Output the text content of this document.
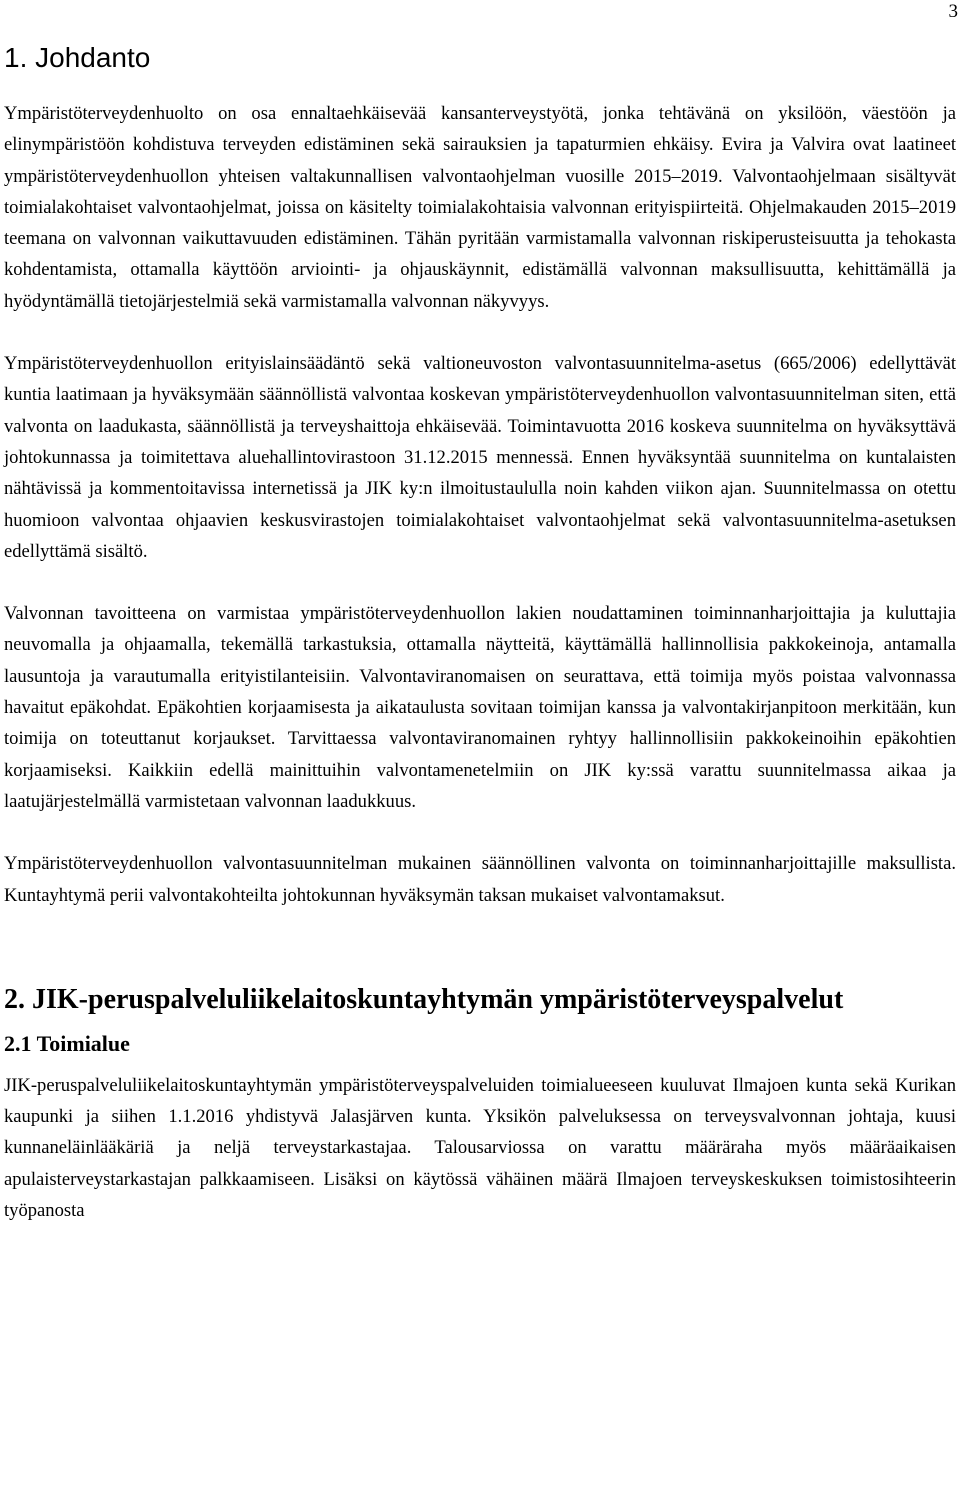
3
1. Johdanto

Ympäristöterveydenhuolto on osa ennaltaehkäisevää kansanterveystyötä, jonka tehtävänä on yksilöön, väestöön ja elinympäristöön kohdistuva terveyden edistäminen sekä sairauksien ja tapaturmien ehkäisy. Evira ja Valvira ovat laatineet ympäristöterveydenhuollon yhteisen valtakunnallisen valvontaohjelman vuosille 2015–2019. Valvontaohjelmaan sisältyvät toimialakohtaiset valvontaohjelmat, joissa on käsitelty toimialakohtaisia valvonnan erityispiirteitä. Ohjelmakauden 2015–2019 teemana on valvonnan vaikuttavuuden edistäminen. Tähän pyritään varmistamalla valvonnan riskiperusteisuutta ja tehokasta kohdentamista, ottamalla käyttöön arviointi- ja ohjauskäynnit, edistämällä valvonnan maksullisuutta, kehittämällä ja hyödyntämällä tietojärjestelmiä sekä varmistamalla valvonnan näkyvyys.

Ympäristöterveydenhuollon erityislainsäädäntö sekä valtioneuvoston valvontasuunnitelma-asetus (665/2006) edellyttävät kuntia laatimaan ja hyväksymään säännöllistä valvontaa koskevan ympäristöterveydenhuollon valvontasuunnitelman siten, että valvonta on laadukasta, säännöllistä ja terveyshaittoja ehkäisevää. Toimintavuotta 2016 koskeva suunnitelma on hyväksyttävä johtokunnassa ja toimitettava aluehallintovirastoon 31.12.2015 mennessä. Ennen hyväksyntää suunnitelma on kuntalaisten nähtävissä ja kommentoitavissa internetissä ja JIK ky:n ilmoitustaululla noin kahden viikon ajan. Suunnitelmassa on otettu huomioon valvontaa ohjaavien keskusvirastojen toimialakohtaiset valvontaohjelmat sekä valvontasuunnitelma-asetuksen edellyttämä sisältö.

Valvonnan tavoitteena on varmistaa ympäristöterveydenhuollon lakien noudattaminen toiminnanharjoittajia ja kuluttajia neuvomalla ja ohjaamalla, tekemällä tarkastuksia, ottamalla näytteitä, käyttämällä hallinnollisia pakkokeinoja, antamalla lausuntoja ja varautumalla erityistilanteisiin. Valvontaviranomaisen on seurattava, että toimija myös poistaa valvonnassa havaitut epäkohdat. Epäkohtien korjaamisesta ja aikataulusta sovitaan toimijan kanssa ja valvontakirjanpitoon merkitään, kun toimija on toteuttanut korjaukset. Tarvittaessa valvontaviranomainen ryhtyy hallinnollisiin pakkokeinoihin epäkohtien korjaamiseksi. Kaikkiin edellä mainittuihin valvontamenetelmiin on JIK ky:ssä varattu suunnitelmassa aikaa ja laatujärjestelmällä varmistetaan valvonnan laadukkuus.

Ympäristöterveydenhuollon valvontasuunnitelman mukainen säännöllinen valvonta on toiminnanharjoittajille maksullista. Kuntayhtymä perii valvontakohteilta johtokunnan hyväksymän taksan mukaiset valvontamaksut.

2. JIK-peruspalveluliikelaitoskuntayhtymän ympäristöterveyspalvelut
2.1 Toimialue

JIK-peruspalveluliikelaitoskuntayhtymän ympäristöterveyspalveluiden toimialueeseen kuuluvat Ilmajoen kunta sekä Kurikan kaupunki ja siihen 1.1.2016 yhdistyvä Jalasjärven kunta. Yksikön palveluksessa on terveysvalvonnan johtaja, kuusi kunnaneläinlääkäriä ja neljä terveystarkastajaa. Talousarviossa on varattu määräraha myös määräaikaisen apulaisterveystarkastajan palkkaamiseen. Lisäksi on käytössä vähäinen määrä Ilmajoen terveyskeskuksen toimistosihteerin työpanosta
